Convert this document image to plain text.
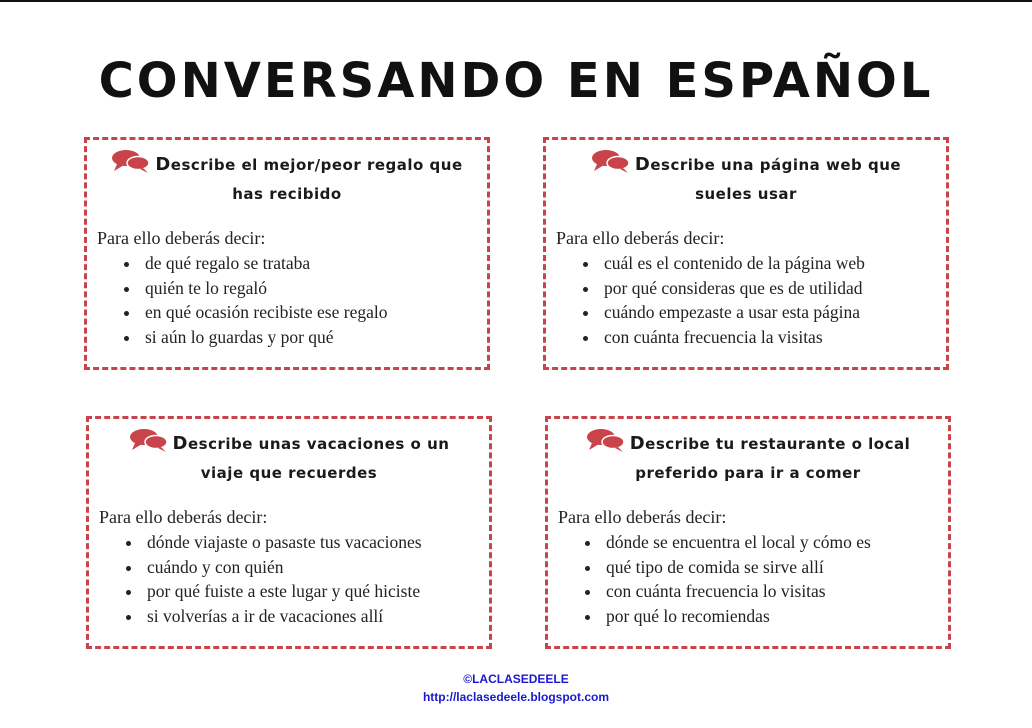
CONVERSANDO EN ESPAÑOL
Describe el mejor/peor regalo que
has recibido
Para ello deberás decir:
• de qué regalo se trataba
• quién te lo regaló
• en qué ocasión recibiste ese regalo
• si aún lo guardas y por qué
Describe una página web que
sueles usar
Para ello deberás decir:
• cuál es el contenido de la página web
• por qué consideras que es de utilidad
• cuándo empezaste a usar esta página
• con cuánta frecuencia la visitas
Describe unas vacaciones o un
viaje que recuerdes
Para ello deberás decir:
• dónde viajaste o pasaste tus vacaciones
• cuándo y con quién
• por qué fuiste a este lugar y qué hiciste
• si volverías a ir de vacaciones allí
Describe tu restaurante o local
preferido para ir a comer
Para ello deberás decir:
• dónde se encuentra el local y cómo es
• qué tipo de comida se sirve allí
• con cuánta frecuencia lo visitas
• por qué lo recomiendas
©LACLASEDEELE
http://laclasedeele.blogspot.com
